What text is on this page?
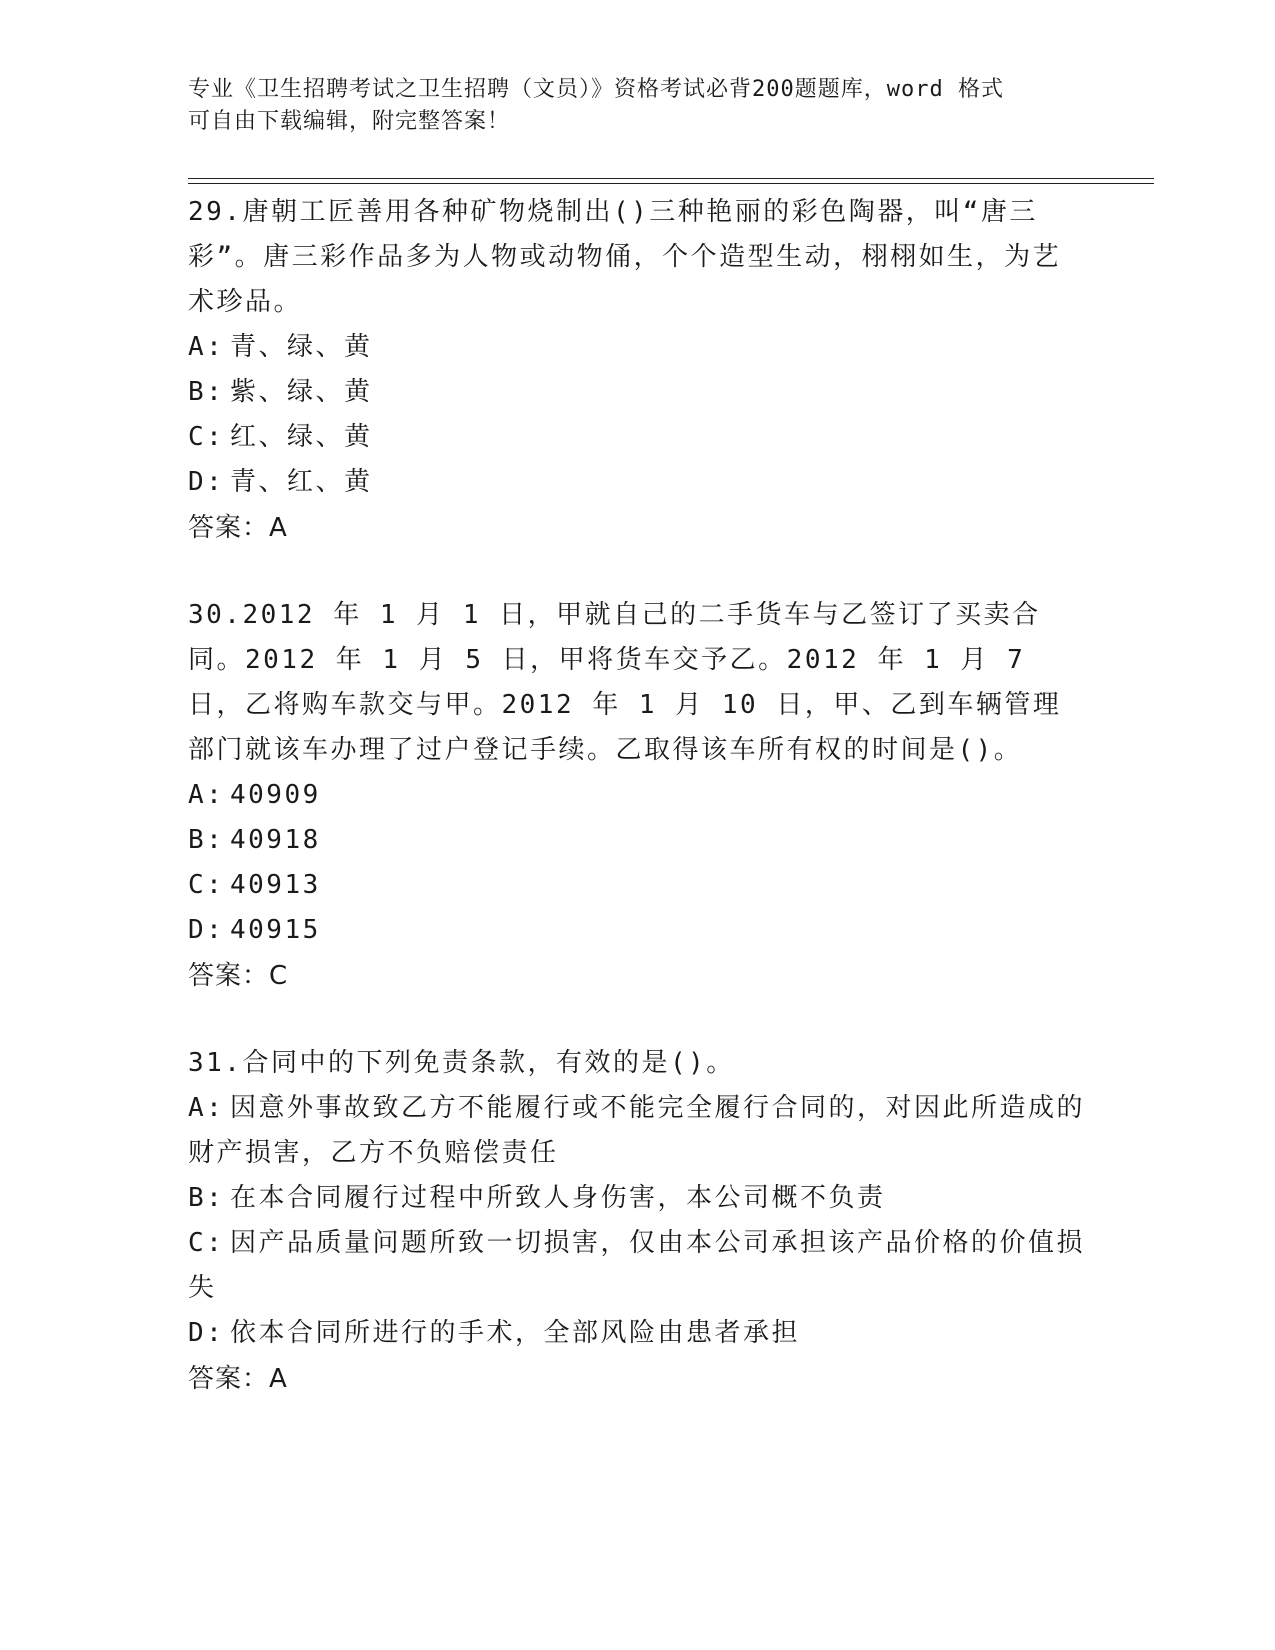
专业《卫生招聘考试之卫生招聘（文员）》资格考试必背200题题库，word 格式
可自由下载编辑，附完整答案！

29.唐朝工匠善用各种矿物烧制出()三种艳丽的彩色陶器，叫“唐三彩”。唐三彩作品多为人物或动物俑，个个造型生动，栩栩如生，为艺术珍品。

A: 青、绿、黄

B: 紫、绿、黄

C: 红、绿、黄

D: 青、红、黄

答案：A

30.2012 年 1 月 1 日，甲就自己的二手货车与乙签订了买卖合同。2012 年 1 月 5 日，甲将货车交予乙。2012 年 1 月 7 日，乙将购车款交与甲。2012 年 1 月 10 日，甲、乙到车辆管理部门就该车办理了过户登记手续。乙取得该车所有权的时间是()。

A: 40909

B: 40918

C: 40913

D: 40915

答案：C

31.合同中的下列免责条款，有效的是()。

A: 因意外事故致乙方不能履行或不能完全履行合同的，对因此所造成的财产损害，乙方不负赔偿责任

B: 在本合同履行过程中所致人身伤害，本公司概不负责

C: 因产品质量问题所致一切损害，仅由本公司承担该产品价格的价值损失

D: 依本合同所进行的手术，全部风险由患者承担

答案：A
